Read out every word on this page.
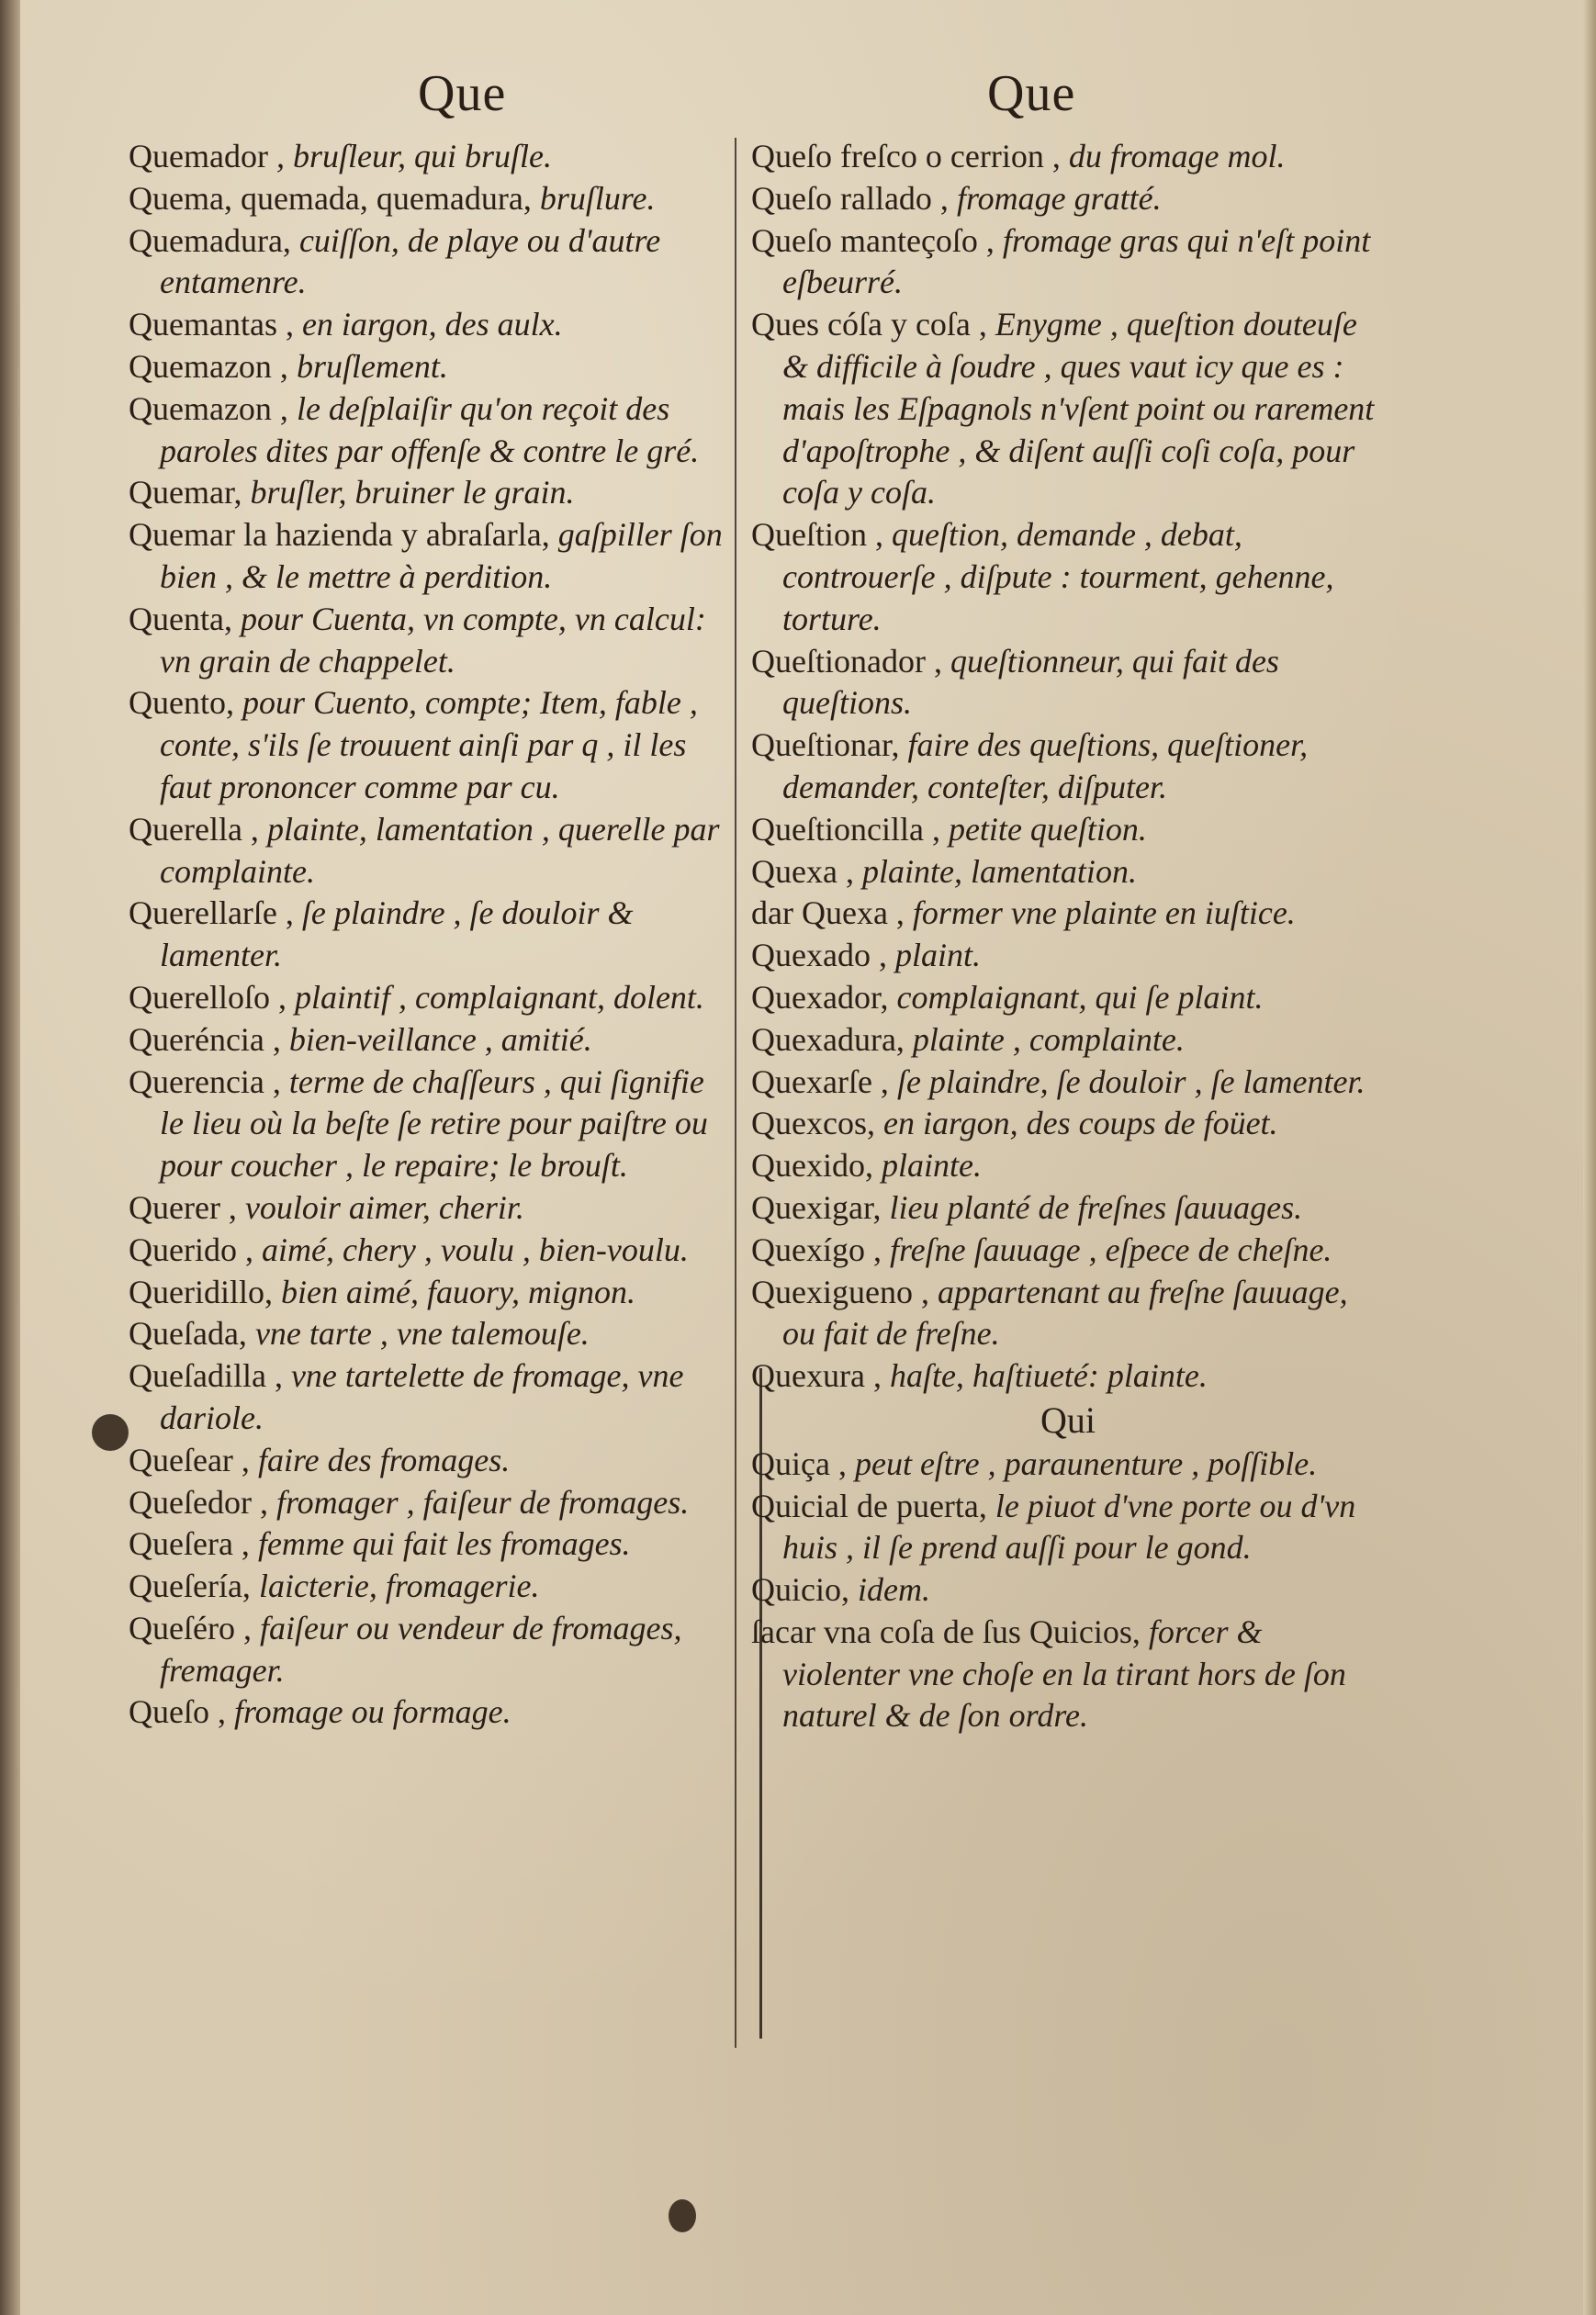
Que	Que

Quemador , bruſleur, qui bruſle.

Quema, quemada, quemadura, bruſlure.

Quemadura, cuiſſon, de playe ou d'autre entamenre.

Quemantas , en iargon, des aulx.

Quemazon , bruſlement.

Quemazon , le deſplaiſir qu'on reçoit des paroles dites par offenſe & contre le gré.

Quemar, bruſler, bruiner le grain.

Quemar la hazienda y abraſarla, gaſpiller ſon bien , & le mettre à perdition.

Quenta, pour Cuenta, vn compte, vn calcul: vn grain de chappelet.

Quento, pour Cuento, compte; Item, fable , conte, s'ils ſe trouuent ainſi par q , il les faut prononcer comme par cu.

Querella , plainte, lamentation , querelle par complainte.

Querellarſe , ſe plaindre , ſe douloir & lamenter.

Querelloſo , plaintif , complaignant, dolent.

Queréncia , bien-veillance , amitié.

Querencia , terme de chaſſeurs , qui ſignifie le lieu où la beſte ſe retire pour paiſtre ou pour coucher , le repaire; le brouſt.

Querer , vouloir aimer, cherir.

Querido , aimé, chery , voulu , bien-voulu.

Queridillo, bien aimé, fauory, mignon.

Queſada, vne tarte , vne talemouſe.

Queſadilla , vne tartelette de fromage, vne dariole.

Queſear , faire des fromages.

Queſedor , fromager , faiſeur de fromages.

Queſera , femme qui fait les fromages.

Queſería, laicterie, fromagerie.

Queſéro , faiſeur ou vendeur de fromages, fremager.

Queſo , fromage ou formage.

Queſo freſco o cerrion , du fromage mol.

Queſo rallado , fromage gratté.

Queſo manteçoſo , fromage gras qui n'eſt point eſbeurré.

Ques cóſa y coſa , Enygme , queſtion douteuſe & difficile à ſoudre , ques vaut icy que es : mais les Eſpagnols n'vſent point ou rarement d'apoſtrophe , & diſent auſſi coſi coſa, pour coſa y coſa.

Queſtion , queſtion, demande , debat, controuerſe , diſpute : tourment, gehenne, torture.

Queſtionador , queſtionneur, qui fait des queſtions.

Queſtionar, faire des queſtions, queſtioner, demander, conteſter, diſputer.

Queſtioncilla , petite queſtion.

Quexa , plainte, lamentation.

dar Quexa , former vne plainte en iuſtice.

Quexado , plaint.

Quexador, complaignant, qui ſe plaint.

Quexadura, plainte , complainte.

Quexarſe , ſe plaindre, ſe douloir , ſe lamenter.

Quexcos, en iargon, des coups de foüet.

Quexido, plainte.

Quexigar, lieu planté de freſnes ſauuages.

Quexígo , freſne ſauuage , eſpece de cheſne.

Quexigueno , appartenant au freſne ſauuage, ou fait de freſne.

Quexura , haſte, haſtiueté: plainte.

Qui

Quiça , peut eſtre , paraunenture , poſſible.

Quicial de puerta, le piuot d'vne porte ou d'vn huis , il ſe prend auſſi pour le gond.

Quicio, idem.

ſacar vna coſa de ſus Quicios, forcer & violenter vne choſe en la tirant hors de ſon naturel & de ſon ordre.
